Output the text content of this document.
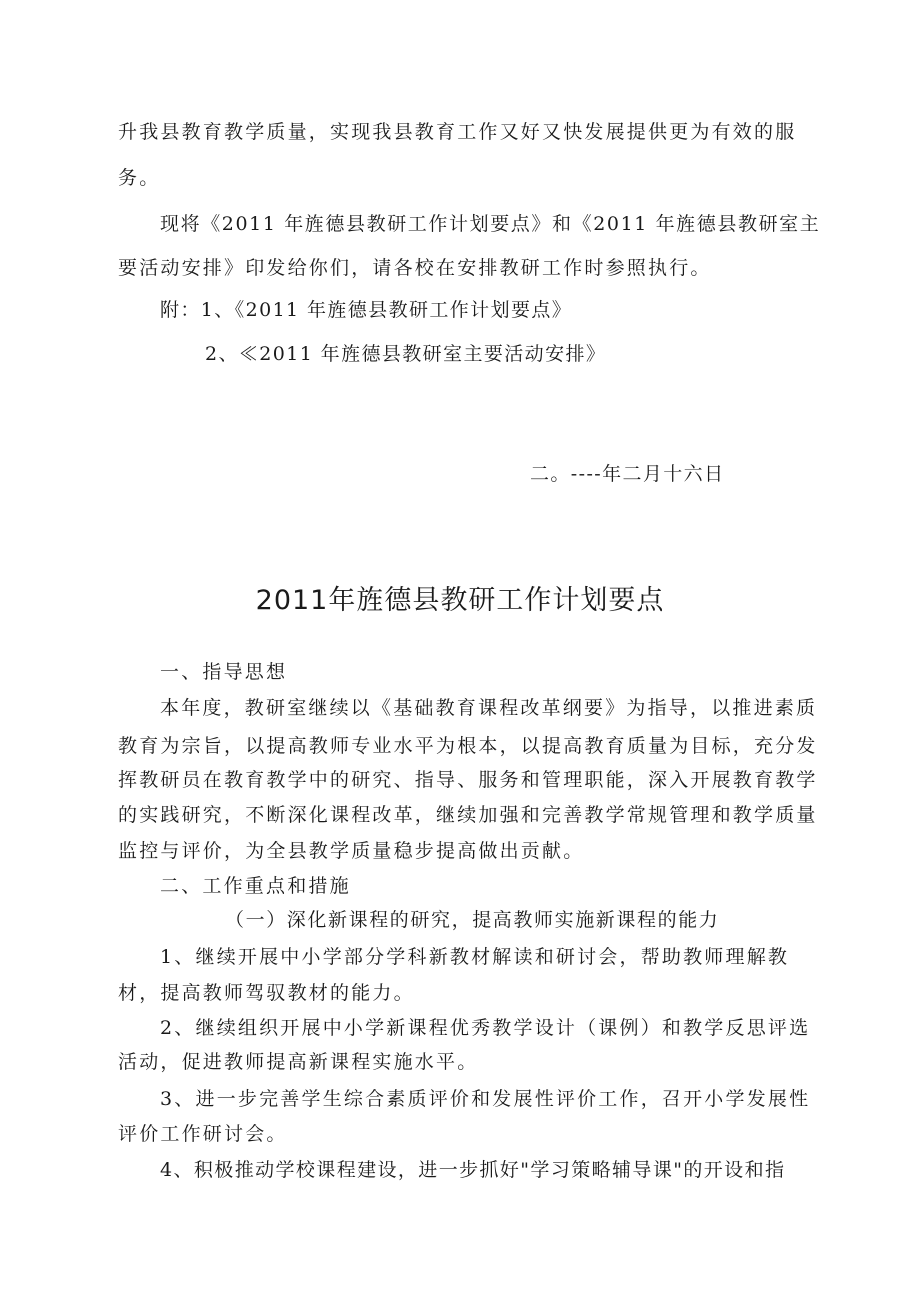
升我县教育教学质量，实现我县教育工作又好又快发展提供更为有效的服
务。
现将《2011 年旌德县教研工作计划要点》和《2011 年旌德县教研室主
要活动安排》印发给你们，请各校在安排教研工作时参照执行。
附：1、《2011 年旌德县教研工作计划要点》
2、≪2011 年旌德县教研室主要活动安排》
二。----年二月十六日
2011年旌德县教研工作计划要点
一、指导思想
本年度，教研室继续以《基础教育课程改革纲要》为指导，以推进素质
教育为宗旨，以提高教师专业水平为根本，以提高教育质量为目标，充分发
挥教研员在教育教学中的研究、指导、服务和管理职能，深入开展教育教学
的实践研究，不断深化课程改革，继续加强和完善教学常规管理和教学质量
监控与评价，为全县教学质量稳步提高做出贡献。
二、工作重点和措施
（一）深化新课程的研究，提高教师实施新课程的能力
1、继续开展中小学部分学科新教材解读和研讨会，帮助教师理解教
材，提高教师驾驭教材的能力。
2、继续组织开展中小学新课程优秀教学设计（课例）和教学反思评选
活动，促进教师提高新课程实施水平。
3、进一步完善学生综合素质评价和发展性评价工作，召开小学发展性
评价工作研讨会。
4、积极推动学校课程建设，进一步抓好"学习策略辅导课"的开设和指
